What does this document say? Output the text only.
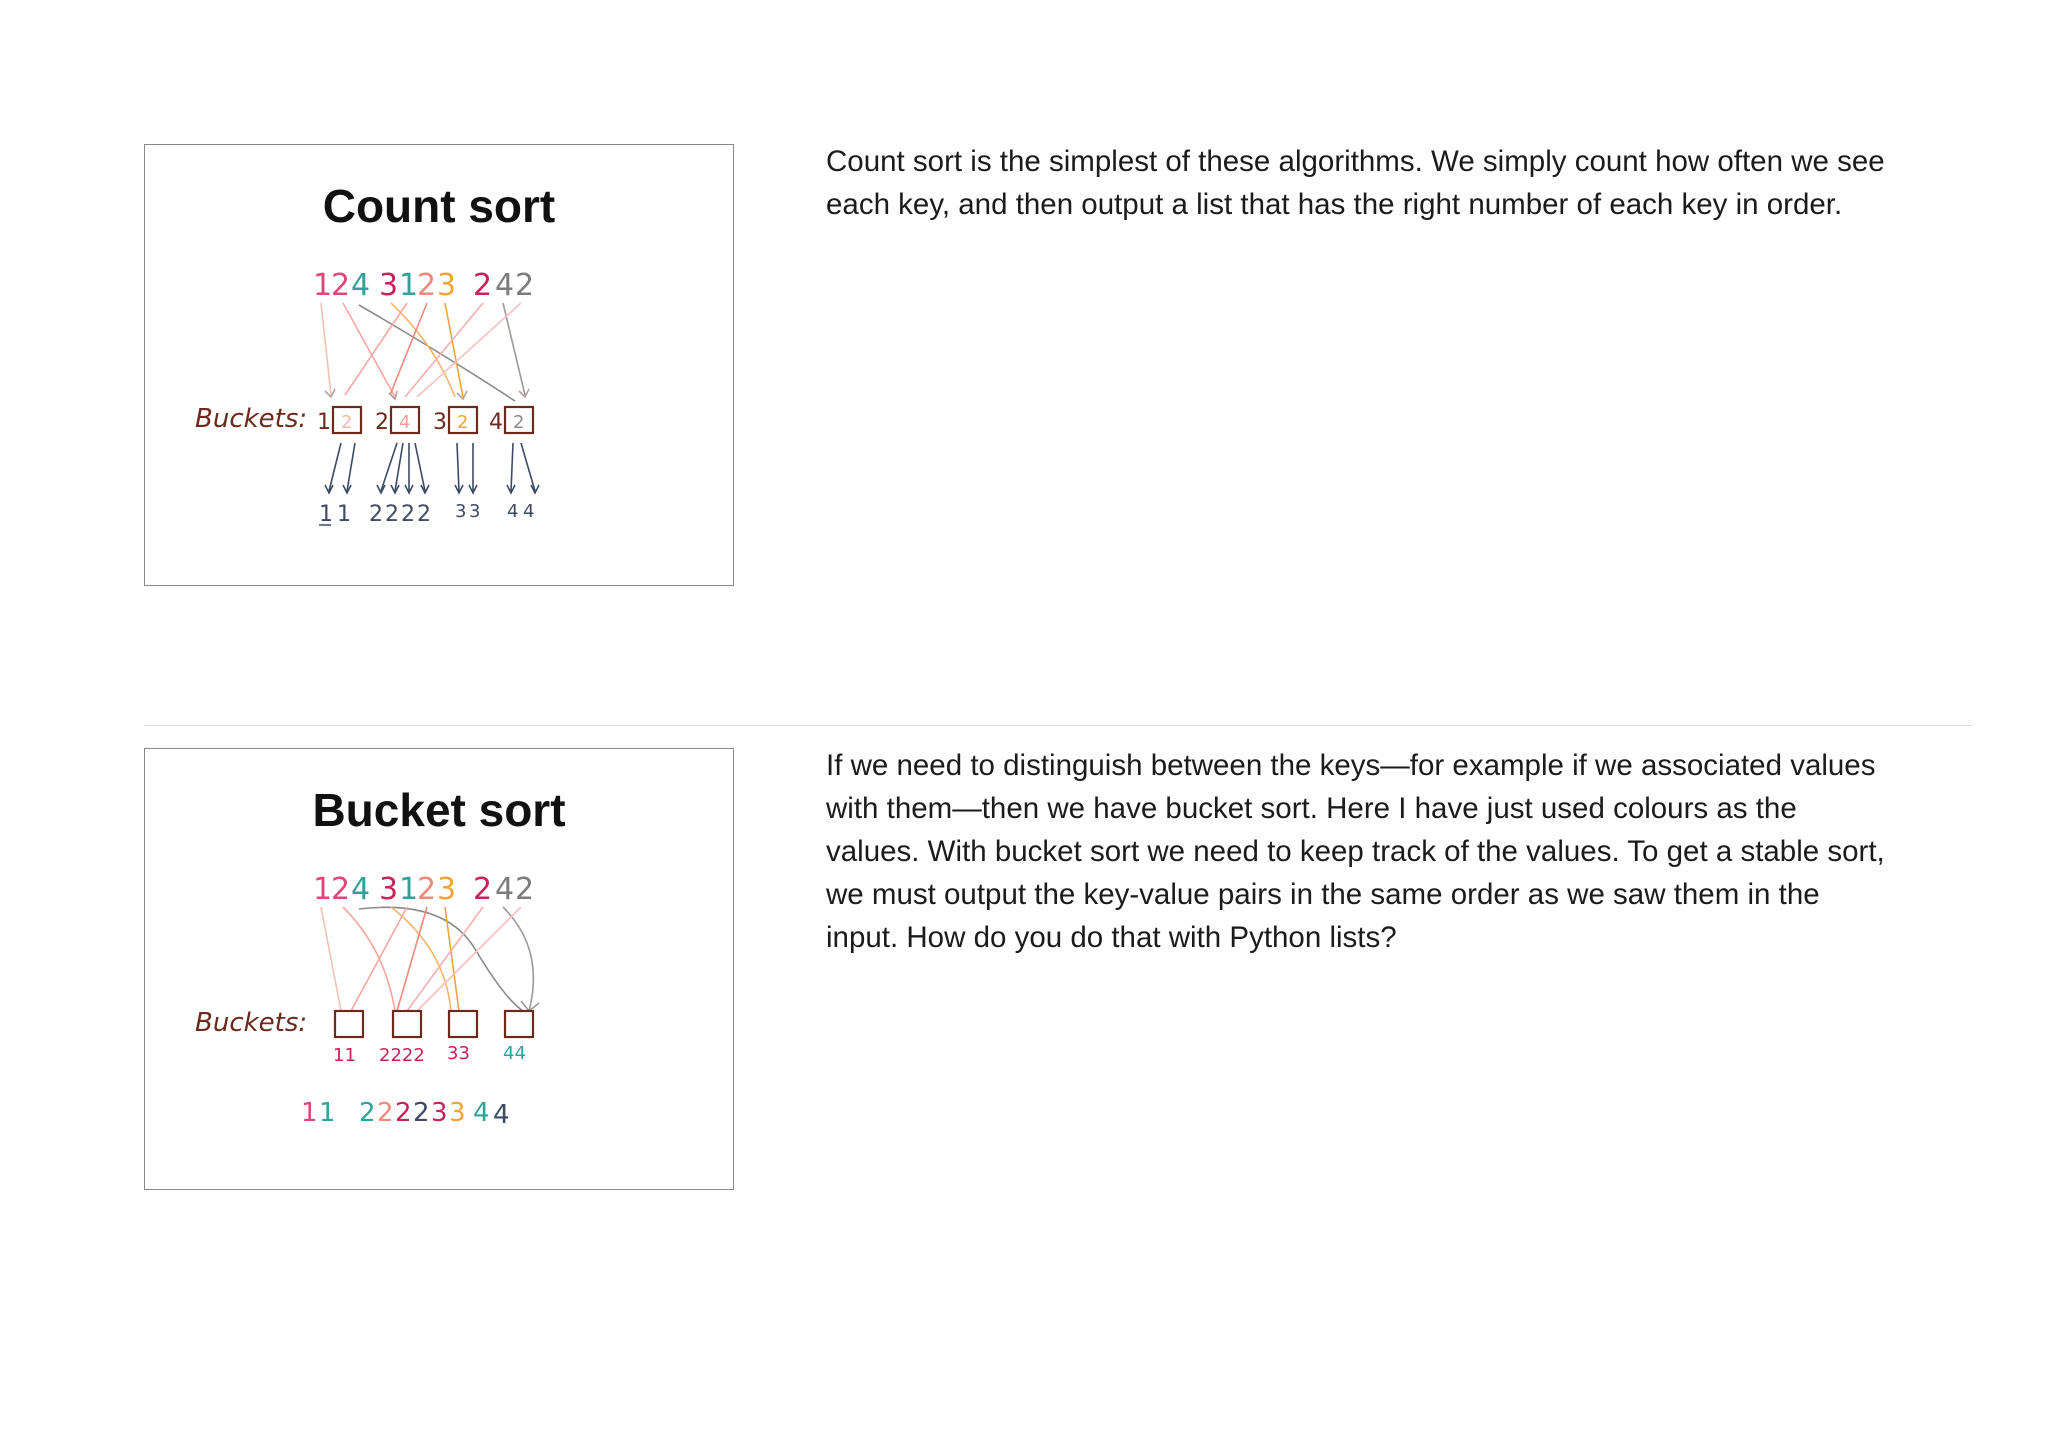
Count sort
1
2 4 3 1
2 3 2 4 2
Buckets: 1 2 2 4 3 2 4 2
1 1 2 2 2 2 3 3 4 4
Count sort is the simplest of these algorithms. We simply count how often we see each key, and then output a list that has the right number of each key in order.
Bucket sort
1
2 4 3 1
2 3 2 4 2
Buckets:
11 2222 33 44
1 1 2 2 2 2 3 3 4 4
If we need to distinguish between the keys—for example if we associated values with them—then we have bucket sort. Here I have just used colours as the values. With bucket sort we need to keep track of the values. To get a stable sort, we must output the key-value pairs in the same order as we saw them in the input. How do you do that with Python lists?
